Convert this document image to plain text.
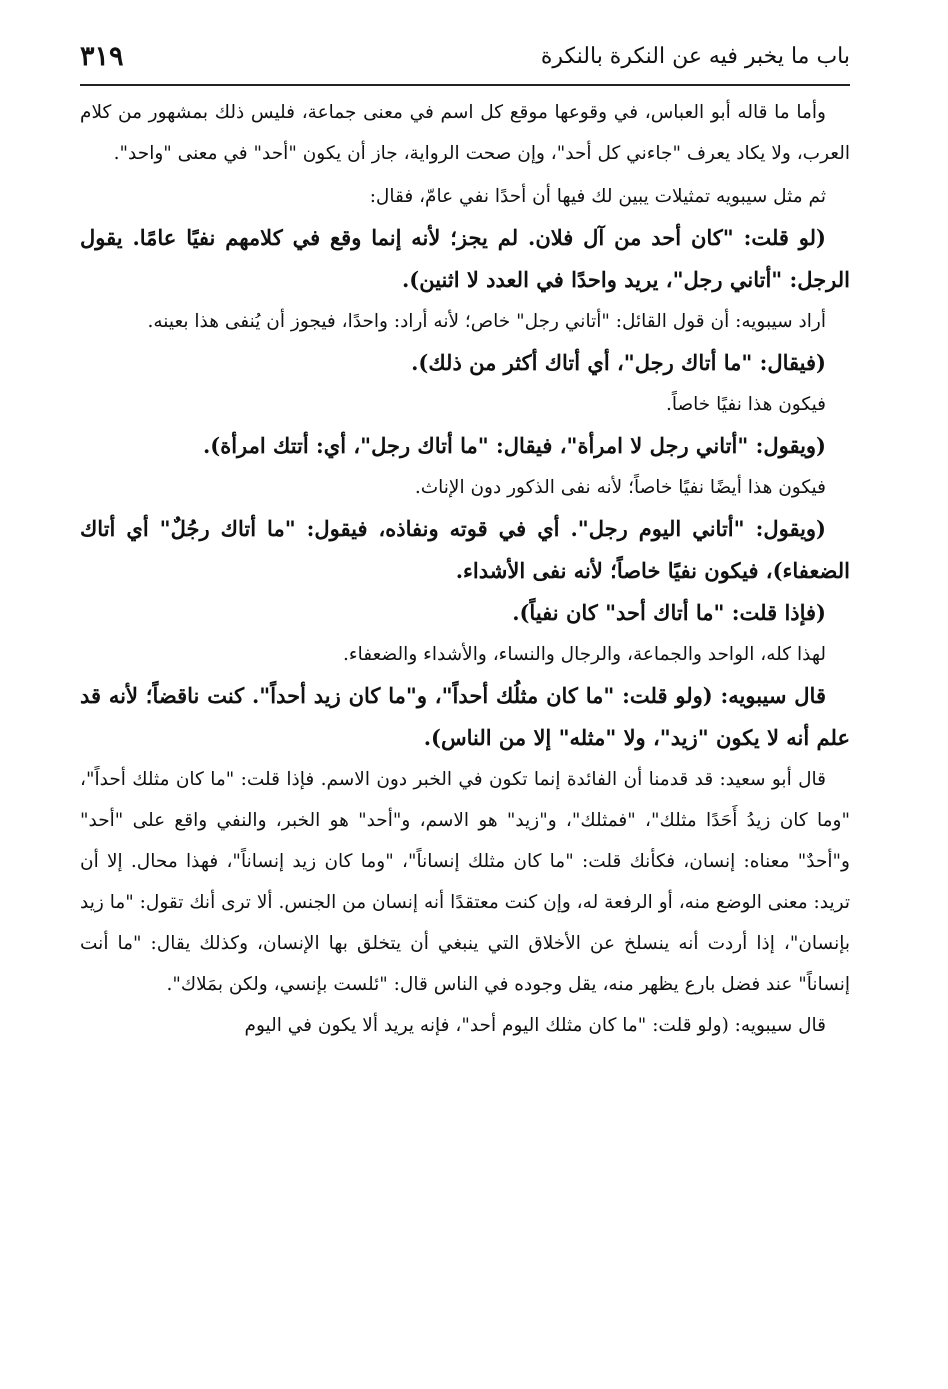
٣١٩	باب ما يخبر فيه عن النكرة بالنكرة

وأما ما قاله أبو العباس، في وقوعها موقع كل اسم في معنى جماعة، فليس ذلك بمشهور من كلام العرب، ولا يكاد يعرف "جاءني كل أحد"، وإن صحت الرواية، جاز أن يكون "أحد" في معنى "واحد".

ثم مثل سيبويه تمثيلات يبين لك فيها أن أحدًا نفي عامّ، فقال:

(لو قلت: "كان أحد من آل فلان. لم يجز؛ لأنه إنما وقع في كلامهم نفيًا عامًا. يقول الرجل: "أتاني رجل"، يريد واحدًا في العدد لا اثنين).

أراد سيبويه: أن قول القائل: "أتاني رجل" خاص؛ لأنه أراد: واحدًا، فيجوز أن يُنفى هذا بعينه.

(فيقال: "ما أتاك رجل"، أي أتاك أكثر من ذلك).

فيكون هذا نفيًا خاصاً.

(ويقول: "أتاني رجل لا امرأة"، فيقال: "ما أتاك رجل"، أي: أتتك امرأة).

فيكون هذا أيضًا نفيًا خاصاً؛ لأنه نفى الذكور دون الإناث.

(ويقول: "أتاني اليوم رجل". أي في قوته ونفاذه، فيقول: "ما أتاك رجُلٌ" أي أتاك الضعفاء)، فيكون نفيًا خاصاً؛ لأنه نفى الأشداء.

(فإذا قلت: "ما أتاك أحد" كان نفياً).

لهذا كله، الواحد والجماعة، والرجال والنساء، والأشداء والضعفاء.

قال سيبويه: (ولو قلت: "ما كان مثلُك أحداً"، و"ما كان زيد أحداً". كنت ناقضاً؛ لأنه قد علم أنه لا يكون "زيد"، ولا "مثله" إلا من الناس).

قال أبو سعيد: قد قدمنا أن الفائدة إنما تكون في الخبر دون الاسم. فإذا قلت: "ما كان مثلك أحداً"، "وما كان زيدُ أَحَدًا مثلك"، "فمثلك"، و"زيد" هو الاسم، و"أحد" هو الخبر، والنفي واقع على "أحد" و"أحدٌ" معناه: إنسان، فكأنك قلت: "ما كان مثلك إنساناً"، "وما كان زيد إنساناً"، فهذا محال. إلا أن تريد: معنى الوضع منه، أو الرفعة له، وإن كنت معتقدًا أنه إنسان من الجنس. ألا ترى أنك تقول: "ما زيد بإنسان"، إذا أردت أنه ينسلخ عن الأخلاق التي ينبغي أن يتخلق بها الإنسان، وكذلك يقال: "ما أنت إنساناً" عند فضل بارع يظهر منه، يقل وجوده في الناس قال: "ئلست بإنسي، ولكن بمَلاك".

قال سيبويه: (ولو قلت: "ما كان مثلك اليوم أحد"، فإنه يريد ألا يكون في اليوم
